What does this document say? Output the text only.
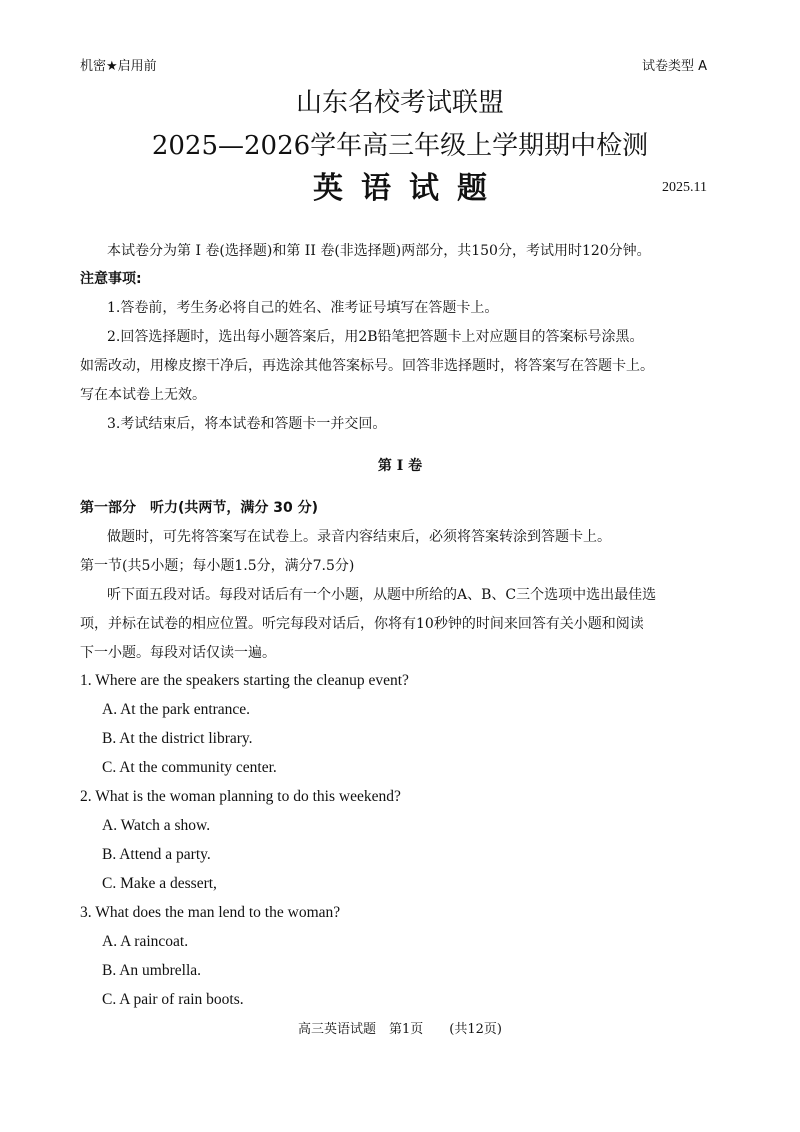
机密★启用前	试卷类型 A
山东名校考试联盟
2025—2026学年高三年级上学期期中检测
英语试题	2025.11
本试卷分为第 I 卷(选择题)和第 II 卷(非选择题)两部分，共150分，考试用时120分钟。
注意事项:
1.答卷前，考生务必将自己的姓名、准考证号填写在答题卡上。
2.回答选择题时，选出每小题答案后，用2B铅笔把答题卡上对应题目的答案标号涂黑。
如需改动，用橡皮擦干净后，再选涂其他答案标号。回答非选择题时，将答案写在答题卡上。
写在本试卷上无效。
3.考试结束后，将本试卷和答题卡一并交回。
第 I 卷
第一部分　听力(共两节，满分 30 分)
做题时，可先将答案写在试卷上。录音内容结束后，必须将答案转涂到答题卡上。
第一节(共5小题；每小题1.5分，满分7.5分)
听下面五段对话。每段对话后有一个小题，从题中所给的A、B、C三个选项中选出最佳选
项，并标在试卷的相应位置。听完每段对话后，你将有10秒钟的时间来回答有关小题和阅读
下一小题。每段对话仅读一遍。
1. Where are the speakers starting the cleanup event?
A. At the park entrance.
B. At the district library.
C. At the community center.
2. What is the woman planning to do this weekend?
A. Watch a show.
B. Attend a party.
C. Make a dessert,
3. What does the man lend to the woman?
A. A raincoat.
B. An umbrella.
C. A pair of rain boots.
高三英语试题　第1页　　(共12页)
